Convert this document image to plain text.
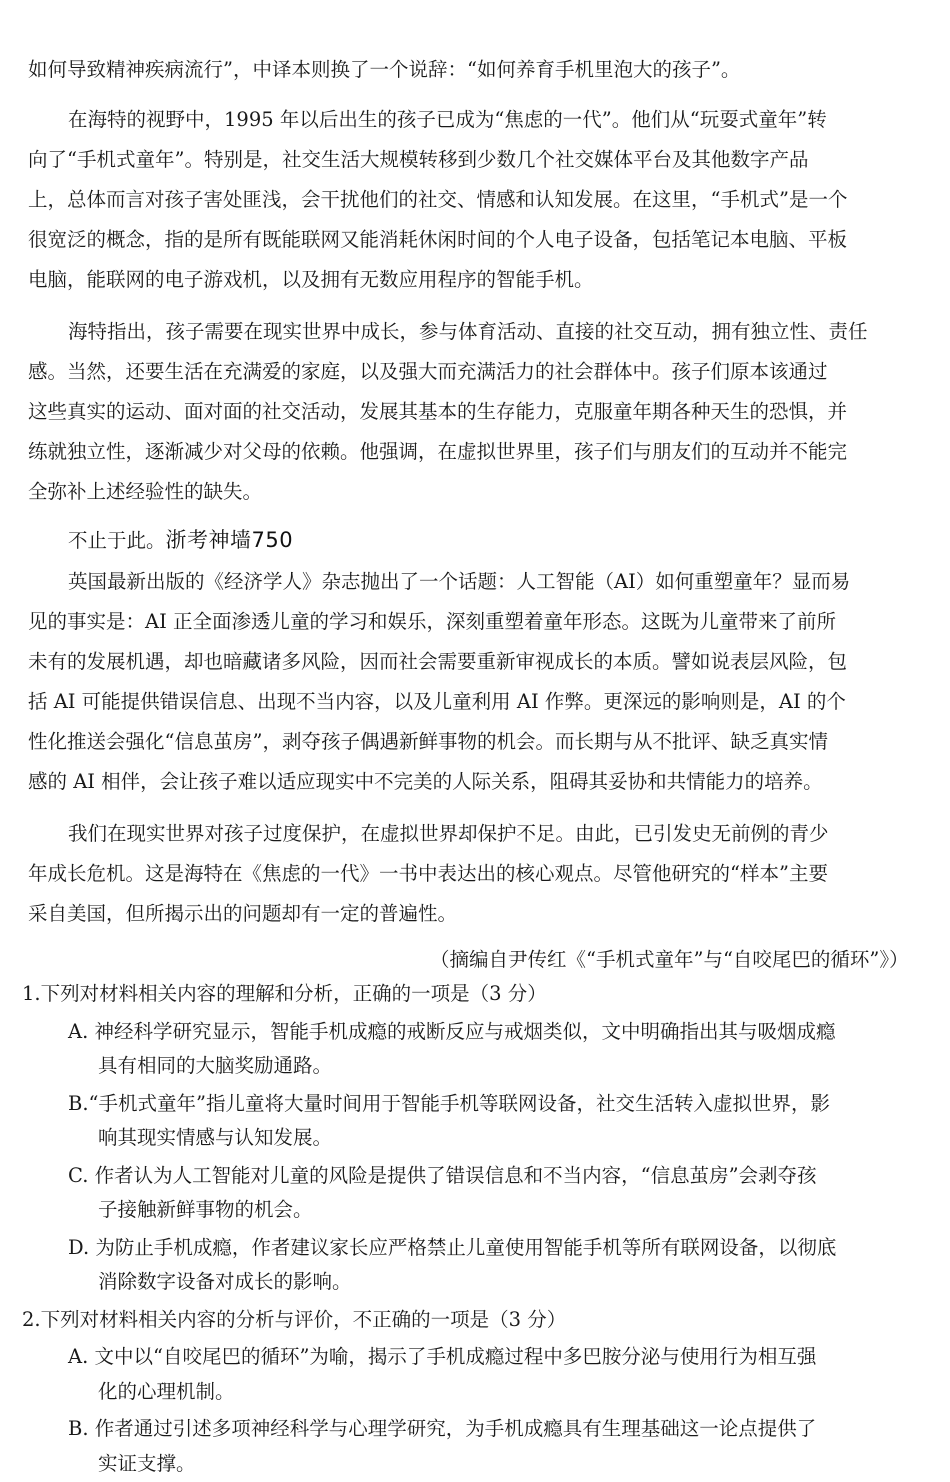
如何导致精神疾病流行”，中译本则换了一个说辞：“如何养育手机里泡大的孩子”。
在海特的视野中，1995 年以后出生的孩子已成为“焦虑的一代”。他们从“玩耍式童年”转
向了“手机式童年”。特别是，社交生活大规模转移到少数几个社交媒体平台及其他数字产品
上，总体而言对孩子害处匪浅，会干扰他们的社交、情感和认知发展。在这里，“手机式”是一个
很宽泛的概念，指的是所有既能联网又能消耗休闲时间的个人电子设备，包括笔记本电脑、平板
电脑，能联网的电子游戏机，以及拥有无数应用程序的智能手机。
海特指出，孩子需要在现实世界中成长，参与体育活动、直接的社交互动，拥有独立性、责任
感。当然，还要生活在充满爱的家庭，以及强大而充满活力的社会群体中。孩子们原本该通过
这些真实的运动、面对面的社交活动，发展其基本的生存能力，克服童年期各种天生的恐惧，并
练就独立性，逐渐减少对父母的依赖。他强调，在虚拟世界里，孩子们与朋友们的互动并不能完
全弥补上述经验性的缺失。
不止于此。浙考神墙750
英国最新出版的《经济学人》杂志抛出了一个话题：人工智能（AI）如何重塑童年？显而易
见的事实是：AI 正全面渗透儿童的学习和娱乐，深刻重塑着童年形态。这既为儿童带来了前所
未有的发展机遇，却也暗藏诸多风险，因而社会需要重新审视成长的本质。譬如说表层风险，包
括 AI 可能提供错误信息、出现不当内容，以及儿童利用 AI 作弊。更深远的影响则是，AI 的个
性化推送会强化“信息茧房”，剥夺孩子偶遇新鲜事物的机会。而长期与从不批评、缺乏真实情
感的 AI 相伴，会让孩子难以适应现实中不完美的人际关系，阻碍其妥协和共情能力的培养。
我们在现实世界对孩子过度保护，在虚拟世界却保护不足。由此，已引发史无前例的青少
年成长危机。这是海特在《焦虑的一代》一书中表达出的核心观点。尽管他研究的“样本”主要
采自美国，但所揭示出的问题却有一定的普遍性。
（摘编自尹传红《“手机式童年”与“自咬尾巴的循环”》）
1.下列对材料相关内容的理解和分析，正确的一项是（3 分）
A. 神经科学研究显示，智能手机成瘾的戒断反应与戒烟类似，文中明确指出其与吸烟成瘾
具有相同的大脑奖励通路。
B.“手机式童年”指儿童将大量时间用于智能手机等联网设备，社交生活转入虚拟世界，影
响其现实情感与认知发展。
C. 作者认为人工智能对儿童的风险是提供了错误信息和不当内容，“信息茧房”会剥夺孩
子接触新鲜事物的机会。
D. 为防止手机成瘾，作者建议家长应严格禁止儿童使用智能手机等所有联网设备，以彻底
消除数字设备对成长的影响。
2.下列对材料相关内容的分析与评价，不正确的一项是（3 分）
A. 文中以“自咬尾巴的循环”为喻，揭示了手机成瘾过程中多巴胺分泌与使用行为相互强
化的心理机制。
B. 作者通过引述多项神经科学与心理学研究，为手机成瘾具有生理基础这一论点提供了
实证支撑。
